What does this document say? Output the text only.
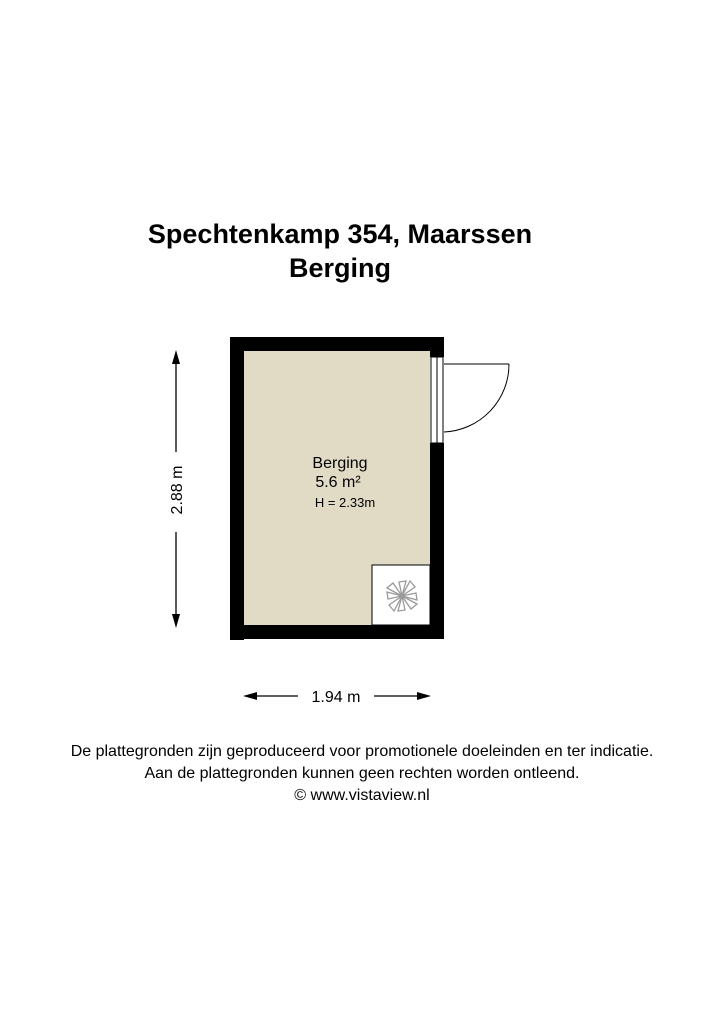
Spechtenkamp 354, Maarssen
Berging
Berging
5.6 m²
H = 2.33m
2.88 m
1.94 m
De plattegronden zijn geproduceerd voor promotionele doeleinden en ter indicatie.
Aan de plattegronden kunnen geen rechten worden ontleend.
© www.vistaview.nl
